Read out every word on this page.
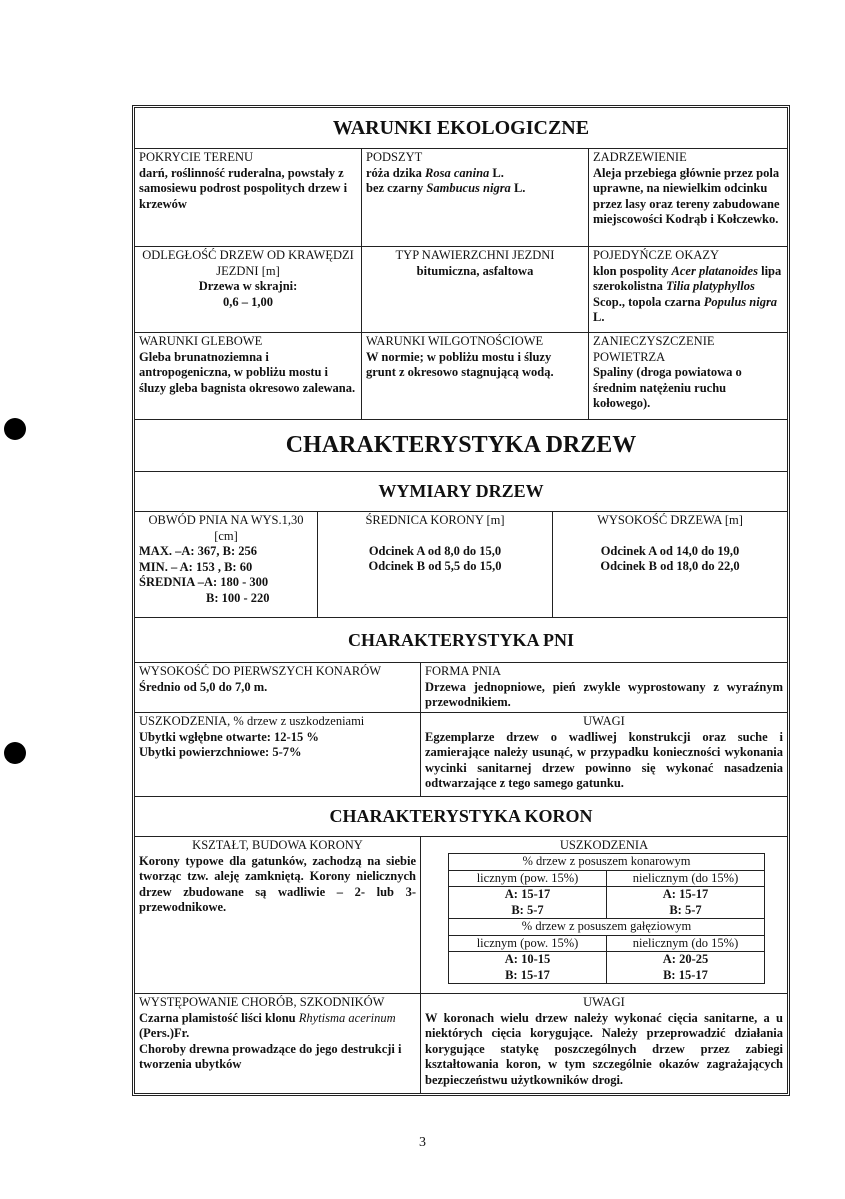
WARUNKI EKOLOGICZNE
POKRYCIE TERENU
darń, roślinność ruderalna, powstały z samosiewu podrost pospolitych drzew i krzewów
PODSZYT
róża dzika Rosa canina L.
bez czarny Sambucus nigra L.
ZADRZEWIENIE
Aleja przebiega głównie przez pola uprawne, na niewielkim odcinku przez lasy oraz tereny zabudowane miejscowości Kodrąb i Kołczewko.
ODLEGŁOŚĆ DRZEW OD KRAWĘDZI JEZDNI [m]
Drzewa w skrajni:
0,6 – 1,00
TYP NAWIERZCHNI JEZDNI
bitumiczna, asfaltowa
POJEDYŃCZE OKAZY
klon pospolity Acer platanoides lipa szerokolistna Tilia platyphyllos Scop., topola czarna Populus nigra L.
WARUNKI GLEBOWE
Gleba brunatnoziemna i antropogeniczna, w pobliżu mostu i śluzy gleba bagnista okresowo zalewana.
WARUNKI WILGOTNOŚCIOWE
W normie; w pobliżu mostu i śluzy grunt z okresowo stagnującą wodą.
ZANIECZYSZCZENIE POWIETRZA
Spaliny (droga powiatowa o średnim natężeniu ruchu kołowego).
CHARAKTERYSTYKA DRZEW
WYMIARY DRZEW
OBWÓD PNIA NA WYS.1,30 [cm]
MAX. –A: 367, B: 256
MIN. – A: 153 , B: 60
ŚREDNIA –A: 180 - 300
B: 100 - 220
ŚREDNICA KORONY [m]
Odcinek A od 8,0 do 15,0
Odcinek B od 5,5 do 15,0
WYSOKOŚĆ DRZEWA [m]
Odcinek A od 14,0 do 19,0
Odcinek B od 18,0 do 22,0
CHARAKTERYSTYKA PNI
WYSOKOŚĆ DO PIERWSZYCH KONARÓW
Średnio od 5,0 do 7,0 m.
FORMA PNIA
Drzewa jednopniowe, pień zwykle wyprostowany z wyraźnym przewodnikiem.
USZKODZENIA, % drzew z uszkodzeniami
Ubytki wgłębne otwarte: 12-15 %
Ubytki powierzchniowe: 5-7%
UWAGI
Egzemplarze drzew o wadliwej konstrukcji oraz suche i zamierające należy usunąć, w przypadku konieczności wykonania wycinki sanitarnej drzew powinno się wykonać nasadzenia odtwarzające z tego samego gatunku.
CHARAKTERYSTYKA KORON
KSZTAŁT, BUDOWA KORONY
Korony typowe dla gatunków, zachodzą na siebie tworząc tzw. aleję zamkniętą. Korony nielicznych drzew zbudowane są wadliwie – 2- lub 3-przewodnikowe.
USZKODZENIA
% drzew z posuszem konarowym
licznym (pow. 15%)	nielicznym (do 15%)
A: 15-17
B: 5-7
A: 15-17
B: 5-7
% drzew z posuszem gałęziowym
licznym (pow. 15%)	nielicznym (do 15%)
A: 10-15
B: 15-17
A: 20-25
B: 15-17
WYSTĘPOWANIE CHORÓB, SZKODNIKÓW
Czarna plamistość liści klonu Rhytisma acerinum (Pers.)Fr.
Choroby drewna prowadzące do jego destrukcji i tworzenia ubytków
UWAGI
W koronach wielu drzew należy wykonać cięcia sanitarne, a u niektórych cięcia korygujące. Należy przeprowadzić działania korygujące statykę poszczególnych drzew przez zabiegi kształtowania koron, w tym szczególnie okazów zagrażających bezpieczeństwu użytkowników drogi.
3
